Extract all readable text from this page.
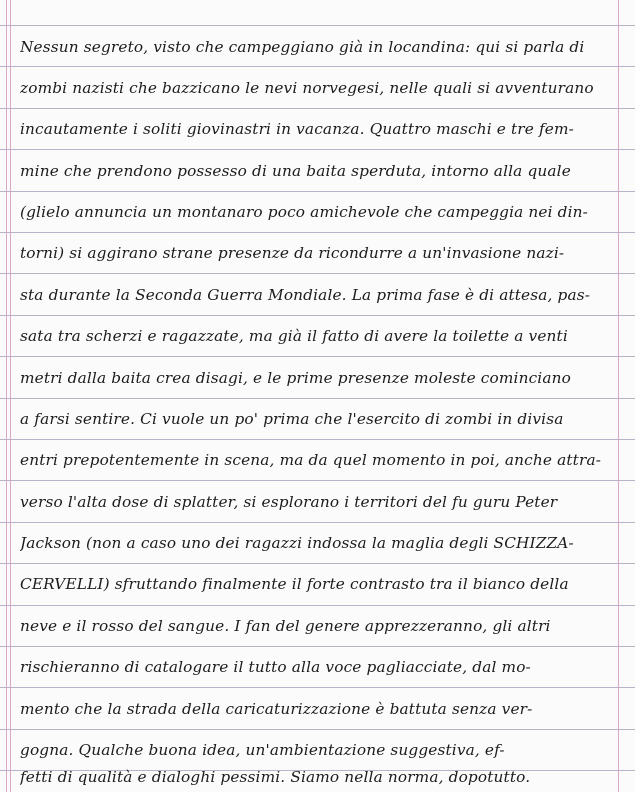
Nessun segreto, visto che campeggiano già in locandina: qui si parla di
zombi nazisti che bazzicano le nevi norvegesi, nelle quali si avventurano
incautamente i soliti giovinastri in vacanza. Quattro maschi e tre fem-
mine che prendono possesso di una baita sperduta, intorno alla quale
(glielo annuncia un montanaro poco amichevole che campeggia nei din-
torni) si aggirano strane presenze da ricondurre a un'invasione nazi-
sta durante la Seconda Guerra Mondiale. La prima fase è di attesa, pas-
sata tra scherzi e ragazzate, ma già il fatto di avere la toilette a venti
metri dalla baita crea disagi, e le prime presenze moleste cominciano
a farsi sentire. Ci vuole un po' prima che l'esercito di zombi in divisa
entri prepotentemente in scena, ma da quel momento in poi, anche attra-
verso l'alta dose di splatter, si esplorano i territori del fu guru Peter
Jackson (non a caso uno dei ragazzi indossa la maglia degli SCHIZZA-
CERVELLI) sfruttando finalmente il forte contrasto tra il bianco della
neve e il rosso del sangue. I fan del genere apprezzeranno, gli altri
rischieranno di catalogare il tutto alla voce pagliacciate, dal mo-
mento che la strada della caricaturizzazione è battuta senza ver-
gogna. Qualche buona idea, un'ambientazione suggestiva, ef-
fetti di qualità e dialoghi pessimi. Siamo nella norma, dopotutto.
